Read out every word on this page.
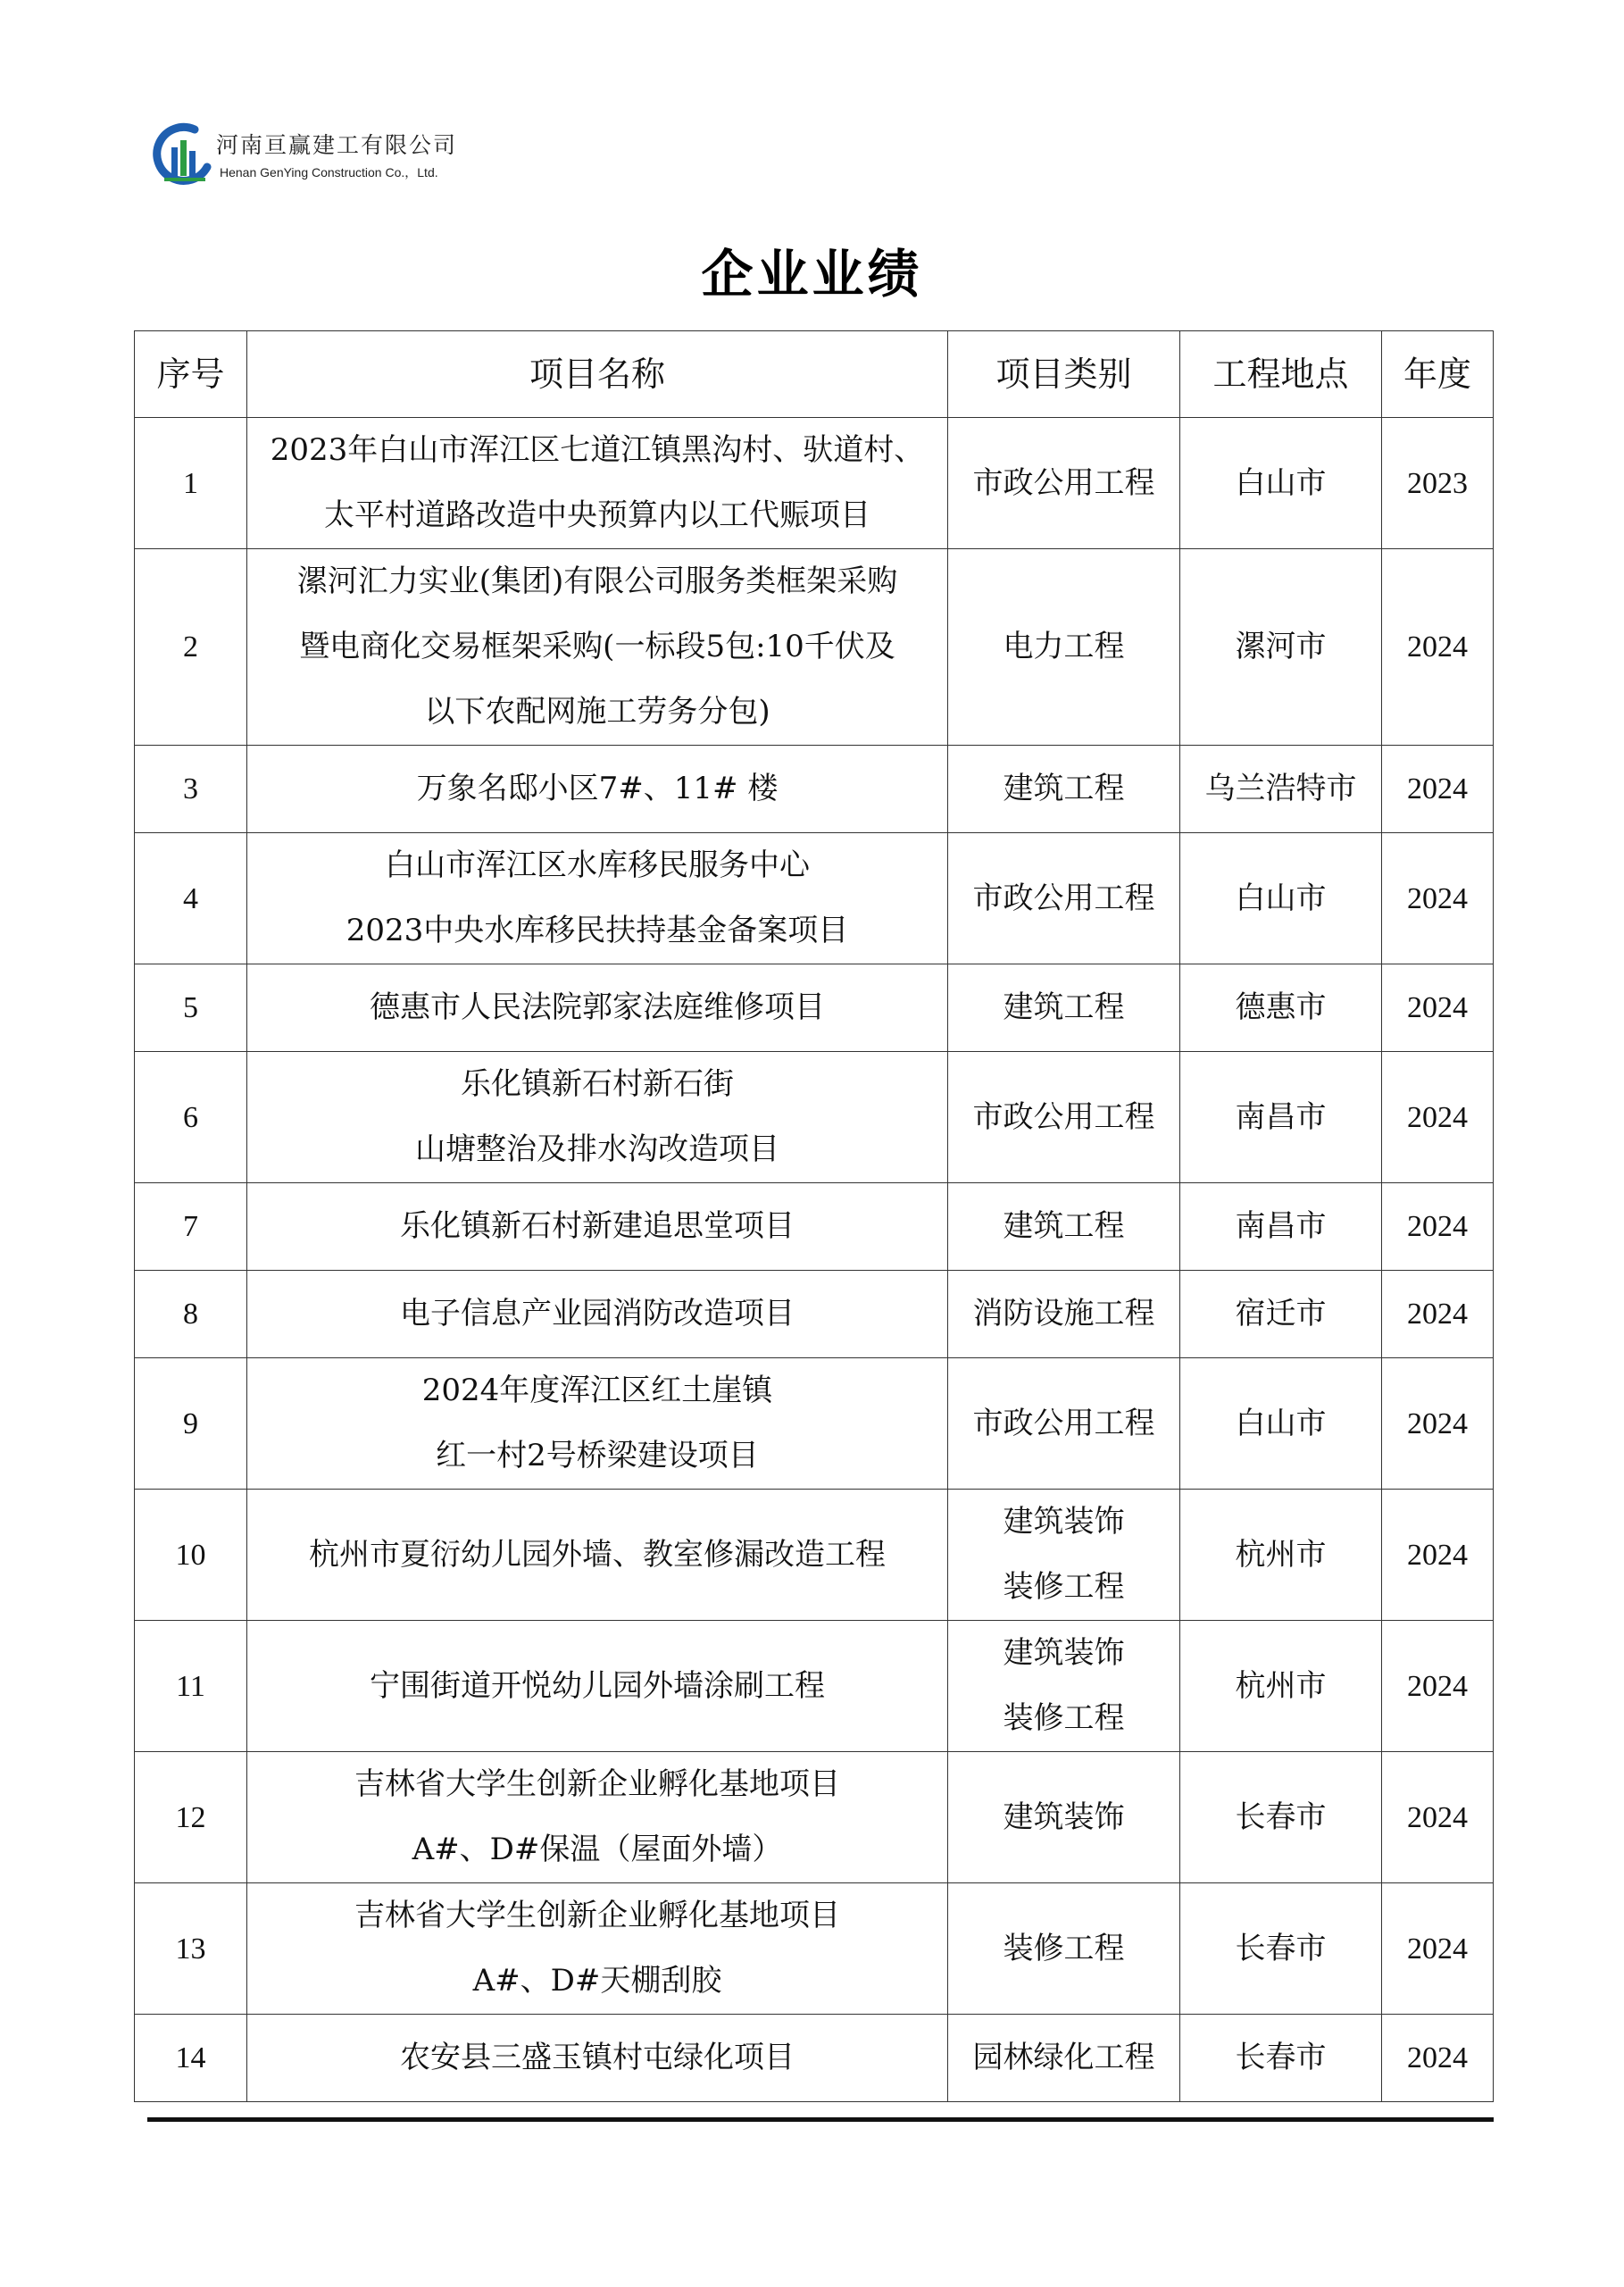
河南亘赢建工有限公司
Henan GenYing Construction Co.，Ltd.
企业业绩
序号	项目名称	项目类别	工程地点	年度
1	2023年白山市浑江区七道江镇黑沟村、驮道村、
太平村道路改造中央预算内以工代赈项目	市政公用工程	白山市	2023
2	漯河汇力实业(集团)有限公司服务类框架采购
暨电商化交易框架采购(一标段5包:10千伏及
以下农配网施工劳务分包)	电力工程	漯河市	2024
3	万象名邸小区7#、11# 楼	建筑工程	乌兰浩特市	2024
4	白山市浑江区水库移民服务中心
2023中央水库移民扶持基金备案项目	市政公用工程	白山市	2024
5	德惠市人民法院郭家法庭维修项目	建筑工程	德惠市	2024
6	乐化镇新石村新石街
山塘整治及排水沟改造项目	市政公用工程	南昌市	2024
7	乐化镇新石村新建追思堂项目	建筑工程	南昌市	2024
8	电子信息产业园消防改造项目	消防设施工程	宿迁市	2024
9	2024年度浑江区红土崖镇
红一村2号桥梁建设项目	市政公用工程	白山市	2024
10	杭州市夏衍幼儿园外墙、教室修漏改造工程	建筑装饰
装修工程	杭州市	2024
11	宁围街道开悦幼儿园外墙涂刷工程	建筑装饰
装修工程	杭州市	2024
12	吉林省大学生创新企业孵化基地项目
A#、D#保温（屋面外墙）	建筑装饰	长春市	2024
13	吉林省大学生创新企业孵化基地项目
A#、D#天棚刮胶	装修工程	长春市	2024
14	农安县三盛玉镇村屯绿化项目	园林绿化工程	长春市	2024
